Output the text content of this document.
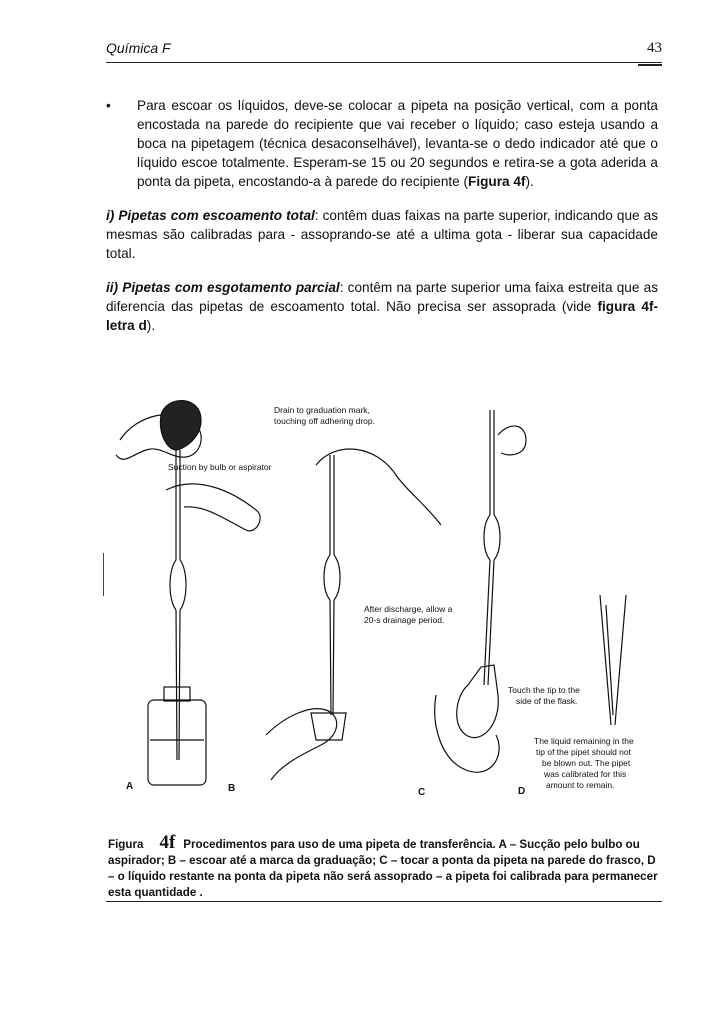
Química F	43
• Para escoar os líquidos, deve-se colocar a pipeta na posição vertical, com a ponta encostada na parede do recipiente que vai receber o líquido; caso esteja usando a boca na pipetagem (técnica desaconselhável), levanta-se o dedo indicador até que o líquido escoe totalmente. Esperam-se 15 ou 20 segundos e retira-se a gota aderida a ponta da pipeta, encostando-a à parede do recipiente (Figura 4f).
i) Pipetas com escoamento total: contêm duas faixas na parte superior, indicando que as mesmas são calibradas para - assoprando-se até a ultima gota - liberar sua capacidade total.
ii) Pipetas com esgotamento parcial: contêm na parte superior uma faixa estreita que as diferencia das pipetas de escoamento total. Não precisa ser assoprada (vide figura 4f- letra d).
Drain to graduation mark,
touching off adhering drop.
Suction by bulb or aspirator
After discharge, allow a
20-s drainage period.
Touch the tip to the
side of the flask.
The liquid remaining in the
tip of the pipet should not
be blown out. The pipet
was calibrated for this
amount to remain.
A	B	C	D
Figura 4f Procedimentos para uso de uma pipeta de transferência. A – Sucção pelo bulbo ou aspirador; B – escoar até a marca da graduação; C – tocar a ponta da pipeta na parede do frasco, D – o líquido restante na ponta da pipeta não será assoprado – a pipeta foi calibrada para permanecer esta quantidade .
